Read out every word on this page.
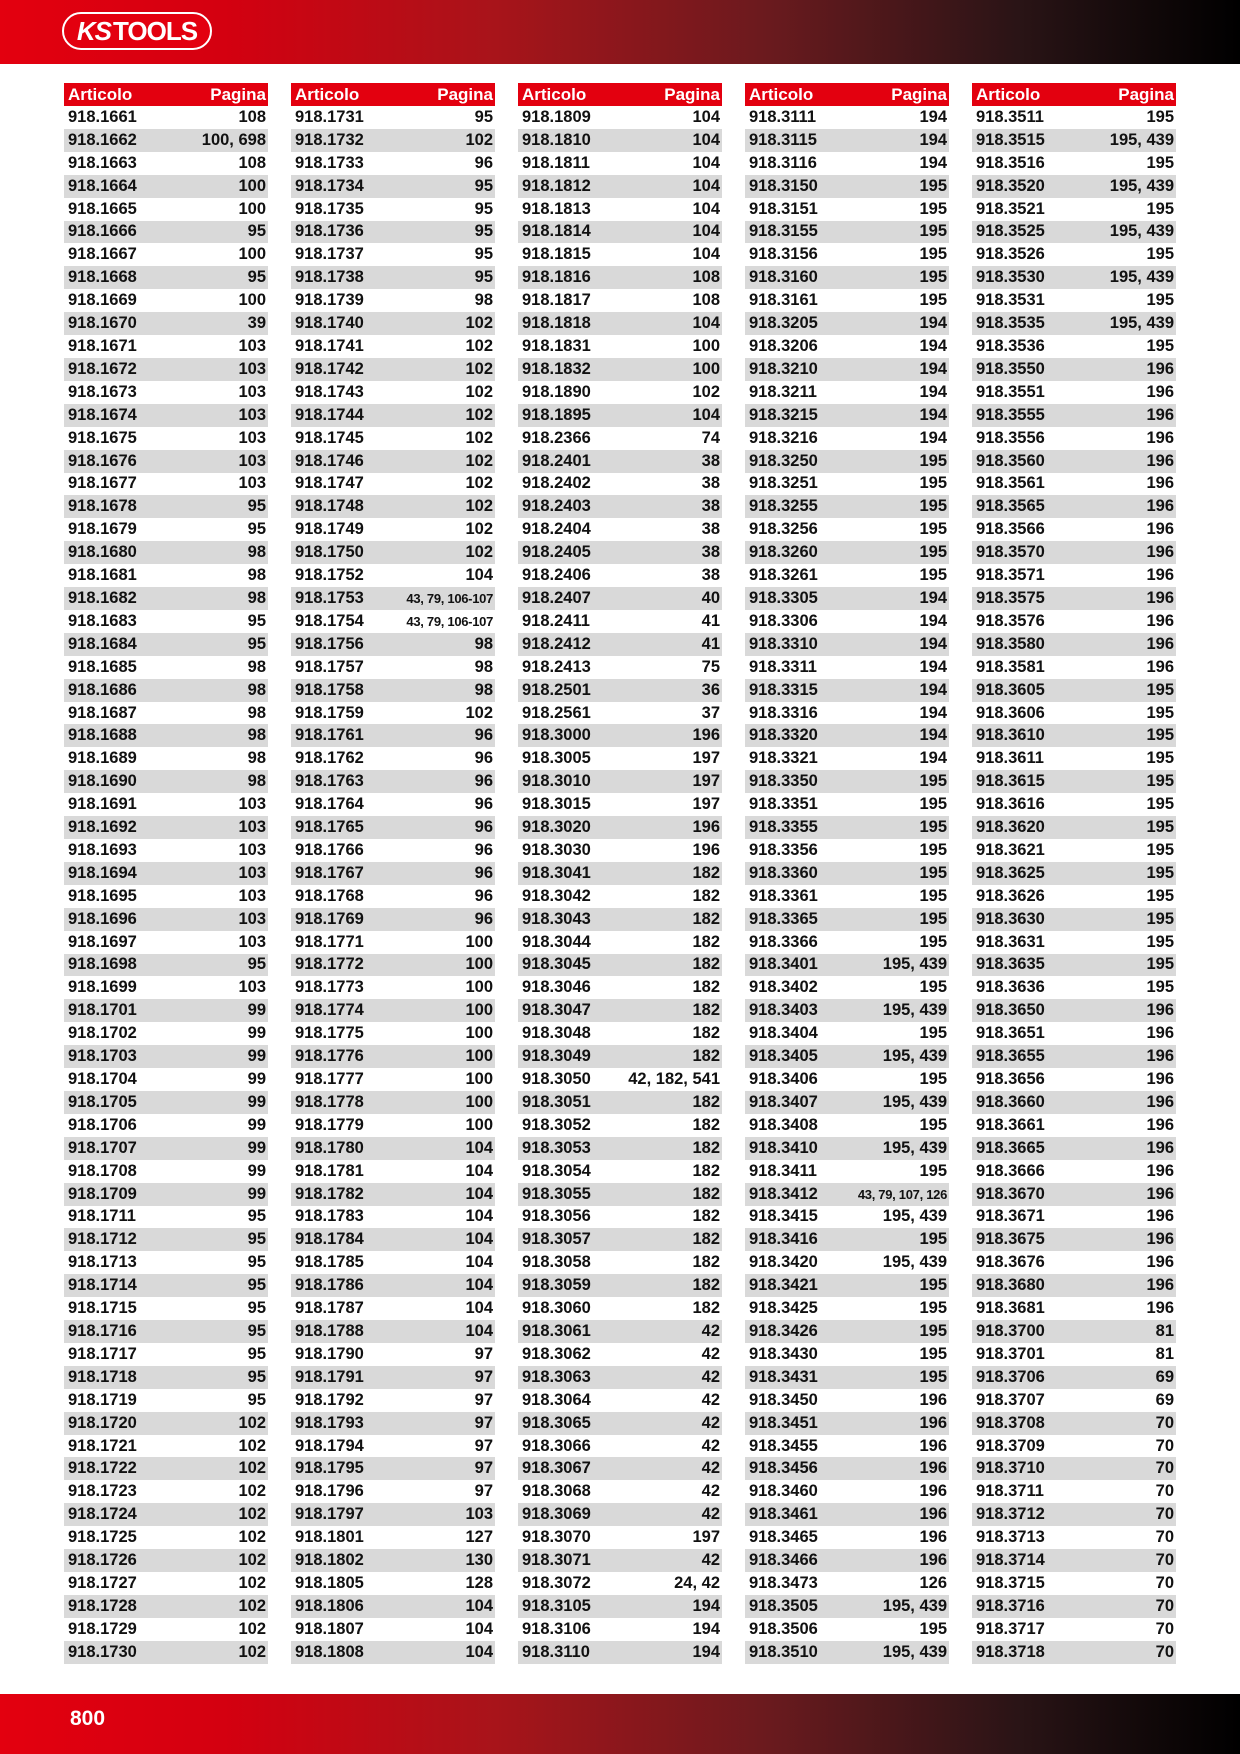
KS TOOLS
Articolo	Pagina
918.1661	108
918.1662	100, 698
918.1663	108
918.1664	100
918.1665	100
918.1666	95
918.1667	100
918.1668	95
918.1669	100
918.1670	39
918.1671	103
918.1672	103
918.1673	103
918.1674	103
918.1675	103
918.1676	103
918.1677	103
918.1678	95
918.1679	95
918.1680	98
918.1681	98
918.1682	98
918.1683	95
918.1684	95
918.1685	98
918.1686	98
918.1687	98
918.1688	98
918.1689	98
918.1690	98
918.1691	103
918.1692	103
918.1693	103
918.1694	103
918.1695	103
918.1696	103
918.1697	103
918.1698	95
918.1699	103
918.1701	99
918.1702	99
918.1703	99
918.1704	99
918.1705	99
918.1706	99
918.1707	99
918.1708	99
918.1709	99
918.1711	95
918.1712	95
918.1713	95
918.1714	95
918.1715	95
918.1716	95
918.1717	95
918.1718	95
918.1719	95
918.1720	102
918.1721	102
918.1722	102
918.1723	102
918.1724	102
918.1725	102
918.1726	102
918.1727	102
918.1728	102
918.1729	102
918.1730	102
Articolo	Pagina
918.1731	95
918.1732	102
918.1733	96
918.1734	95
918.1735	95
918.1736	95
918.1737	95
918.1738	95
918.1739	98
918.1740	102
918.1741	102
918.1742	102
918.1743	102
918.1744	102
918.1745	102
918.1746	102
918.1747	102
918.1748	102
918.1749	102
918.1750	102
918.1752	104
918.1753	43, 79, 106-107
918.1754	43, 79, 106-107
918.1756	98
918.1757	98
918.1758	98
918.1759	102
918.1761	96
918.1762	96
918.1763	96
918.1764	96
918.1765	96
918.1766	96
918.1767	96
918.1768	96
918.1769	96
918.1771	100
918.1772	100
918.1773	100
918.1774	100
918.1775	100
918.1776	100
918.1777	100
918.1778	100
918.1779	100
918.1780	104
918.1781	104
918.1782	104
918.1783	104
918.1784	104
918.1785	104
918.1786	104
918.1787	104
918.1788	104
918.1790	97
918.1791	97
918.1792	97
918.1793	97
918.1794	97
918.1795	97
918.1796	97
918.1797	103
918.1801	127
918.1802	130
918.1805	128
918.1806	104
918.1807	104
918.1808	104
Articolo	Pagina
918.1809	104
918.1810	104
918.1811	104
918.1812	104
918.1813	104
918.1814	104
918.1815	104
918.1816	108
918.1817	108
918.1818	104
918.1831	100
918.1832	100
918.1890	102
918.1895	104
918.2366	74
918.2401	38
918.2402	38
918.2403	38
918.2404	38
918.2405	38
918.2406	38
918.2407	40
918.2411	41
918.2412	41
918.2413	75
918.2501	36
918.2561	37
918.3000	196
918.3005	197
918.3010	197
918.3015	197
918.3020	196
918.3030	196
918.3041	182
918.3042	182
918.3043	182
918.3044	182
918.3045	182
918.3046	182
918.3047	182
918.3048	182
918.3049	182
918.3050 42, 182, 541
918.3051	182
918.3052	182
918.3053	182
918.3054	182
918.3055	182
918.3056	182
918.3057	182
918.3058	182
918.3059	182
918.3060	182
918.3061	42
918.3062	42
918.3063	42
918.3064	42
918.3065	42
918.3066	42
918.3067	42
918.3068	42
918.3069	42
918.3070	197
918.3071	42
918.3072	24, 42
918.3105	194
918.3106	194
918.3110	194
Articolo	Pagina
918.3111	194
918.3115	194
918.3116	194
918.3150	195
918.3151	195
918.3155	195
918.3156	195
918.3160	195
918.3161	195
918.3205	194
918.3206	194
918.3210	194
918.3211	194
918.3215	194
918.3216	194
918.3250	195
918.3251	195
918.3255	195
918.3256	195
918.3260	195
918.3261	195
918.3305	194
918.3306	194
918.3310	194
918.3311	194
918.3315	194
918.3316	194
918.3320	194
918.3321	194
918.3350	195
918.3351	195
918.3355	195
918.3356	195
918.3360	195
918.3361	195
918.3365	195
918.3366	195
918.3401	195, 439
918.3402	195
918.3403	195, 439
918.3404	195
918.3405	195, 439
918.3406	195
918.3407	195, 439
918.3408	195
918.3410	195, 439
918.3411	195
918.3412	43, 79, 107, 126
918.3415	195, 439
918.3416	195
918.3420	195, 439
918.3421	195
918.3425	195
918.3426	195
918.3430	195
918.3431	195
918.3450	196
918.3451	196
918.3455	196
918.3456	196
918.3460	196
918.3461	196
918.3465	196
918.3466	196
918.3473	126
918.3505	195, 439
918.3506	195
918.3510	195, 439
Articolo	Pagina
918.3511	195
918.3515	195, 439
918.3516	195
918.3520	195, 439
918.3521	195
918.3525	195, 439
918.3526	195
918.3530	195, 439
918.3531	195
918.3535	195, 439
918.3536	195
918.3550	196
918.3551	196
918.3555	196
918.3556	196
918.3560	196
918.3561	196
918.3565	196
918.3566	196
918.3570	196
918.3571	196
918.3575	196
918.3576	196
918.3580	196
918.3581	196
918.3605	195
918.3606	195
918.3610	195
918.3611	195
918.3615	195
918.3616	195
918.3620	195
918.3621	195
918.3625	195
918.3626	195
918.3630	195
918.3631	195
918.3635	195
918.3636	195
918.3650	196
918.3651	196
918.3655	196
918.3656	196
918.3660	196
918.3661	196
918.3665	196
918.3666	196
918.3670	196
918.3671	196
918.3675	196
918.3676	196
918.3680	196
918.3681	196
918.3700	81
918.3701	81
918.3706	69
918.3707	69
918.3708	70
918.3709	70
918.3710	70
918.3711	70
918.3712	70
918.3713	70
918.3714	70
918.3715	70
918.3716	70
918.3717	70
918.3718	70
800
